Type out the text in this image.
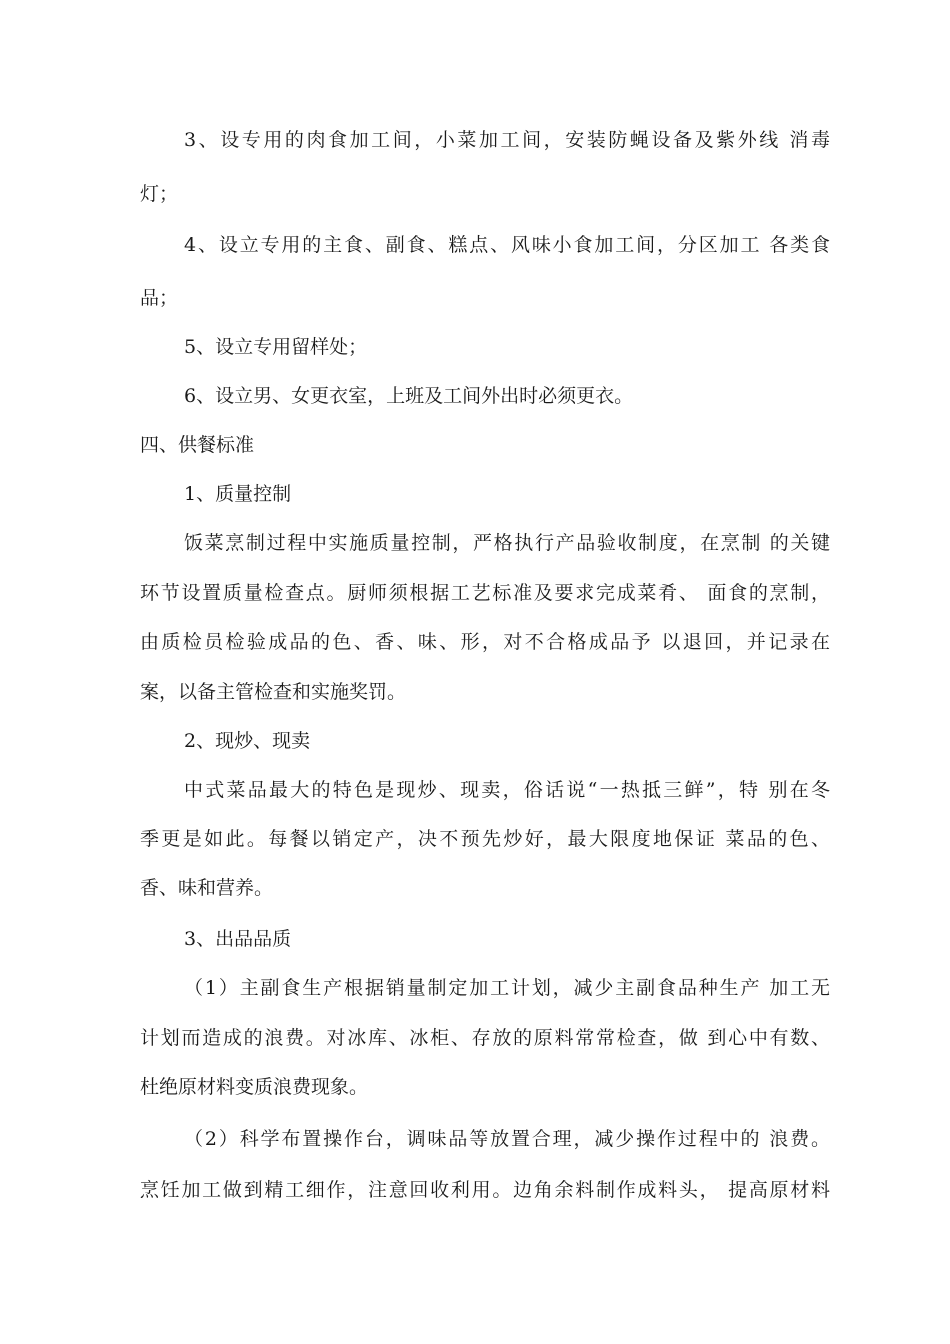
3、设专用的肉食加工间，小菜加工间，安装防蝇设备及紫外线 消毒
灯；
4、设立专用的主食、副食、糕点、风味小食加工间，分区加工 各类食
品；
5、设立专用留样处；
6、设立男、女更衣室，上班及工间外出时必须更衣。
四、供餐标准
1、质量控制
饭菜烹制过程中实施质量控制，严格执行产品验收制度，在烹制 的关键
环节设置质量检查点。厨师须根据工艺标准及要求完成菜肴、 面食的烹制，
由质检员检验成品的色、香、味、形，对不合格成品予 以退回，并记录在
案，以备主管检查和实施奖罚。
2、现炒、现卖
中式菜品最大的特色是现炒、现卖，俗话说“一热抵三鲜”，特 别在冬
季更是如此。每餐以销定产，决不预先炒好，最大限度地保证 菜品的色、
香、味和营养。
3、出品品质
（1）主副食生产根据销量制定加工计划，减少主副食品种生产 加工无
计划而造成的浪费。对冰库、冰柜、存放的原料常常检查，做 到心中有数、
杜绝原材料变质浪费现象。
（2）科学布置操作台，调味品等放置合理，减少操作过程中的 浪费。
烹饪加工做到精工细作，注意回收利用。边角余料制作成料头， 提高原材料
